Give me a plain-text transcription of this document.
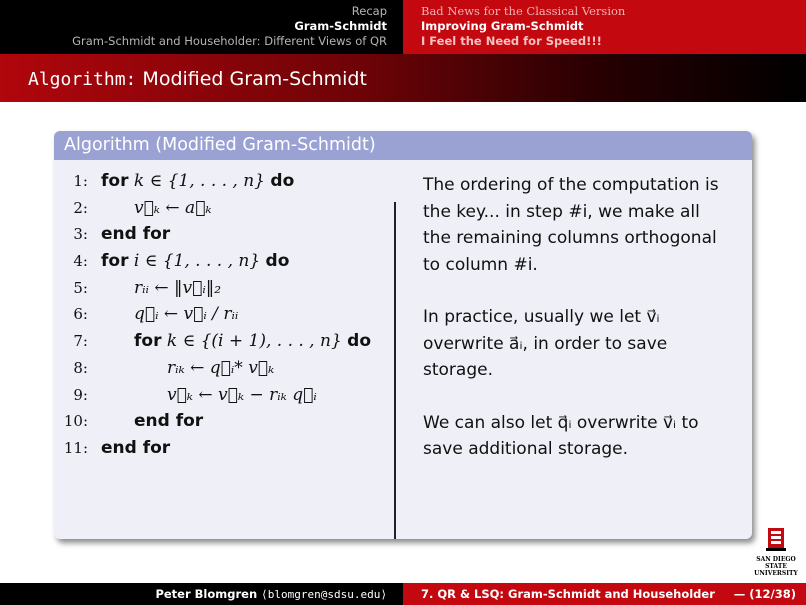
Recap
Gram-Schmidt
Gram-Schmidt and Householder: Different Views of QR
Bad News for the Classical Version
Improving Gram-Schmidt
I Feel the Need for Speed!!!
Algorithm: Modified Gram-Schmidt
Algorithm (Modified Gram-Schmidt)
1: for k ∈ {1, . . . , n} do
2:	v⃗ₖ ← a⃗ₖ
3: end for
4: for i ∈ {1, . . . , n} do
5:	rᵢᵢ ← ‖v⃗ᵢ‖₂
6:	q⃗ᵢ ← v⃗ᵢ / rᵢᵢ
7:	for k ∈ {(i + 1), . . . , n} do
8:	rᵢₖ ← q⃗ᵢ* v⃗ₖ
9:	v⃗ₖ ← v⃗ₖ − rᵢₖ q⃗ᵢ
10:	end for
11: end for

The ordering of the computation is the key... in step #i, we make all the remaining columns orthogonal to column #i.

In practice, usually we let v⃗ᵢ overwrite a⃗ᵢ, in order to save storage.

We can also let q⃗ᵢ overwrite v⃗ᵢ to save additional storage.

SAN DIEGO STATE
UNIVERSITY
Peter Blomgren ⟨blomgren@sdsu.edu⟩	7. QR & LSQ: Gram-Schmidt and Householder	— (12/38)
